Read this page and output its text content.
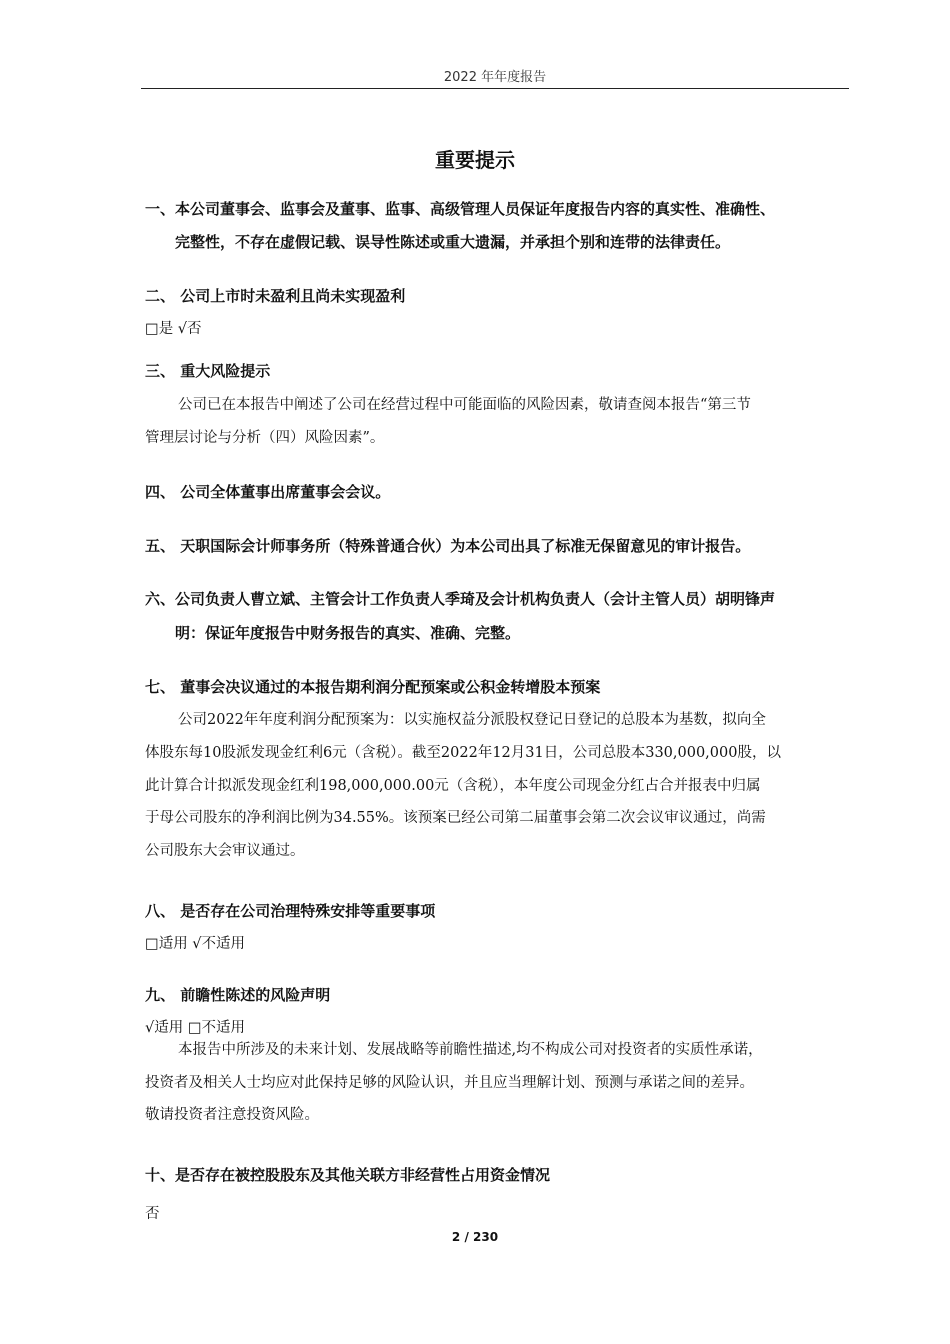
2022 年年度报告
重要提示
一、本公司董事会、监事会及董事、监事、高级管理人员保证年度报告内容的真实性、准确性、
完整性，不存在虚假记载、误导性陈述或重大遗漏，并承担个别和连带的法律责任。
二、 公司上市时未盈利且尚未实现盈利
□是 √否
三、 重大风险提示
公司已在本报告中阐述了公司在经营过程中可能面临的风险因素，敬请查阅本报告“第三节
管理层讨论与分析（四）风险因素”。
四、 公司全体董事出席董事会会议。
五、 天职国际会计师事务所（特殊普通合伙）为本公司出具了标准无保留意见的审计报告。
六、公司负责人曹立斌、主管会计工作负责人季琦及会计机构负责人（会计主管人员）胡明锋声
明：保证年度报告中财务报告的真实、准确、完整。
七、 董事会决议通过的本报告期利润分配预案或公积金转增股本预案
公司2022年年度利润分配预案为：以实施权益分派股权登记日登记的总股本为基数，拟向全
体股东每10股派发现金红利6元（含税）。截至2022年12月31日，公司总股本330,000,000股，以
此计算合计拟派发现金红利198,000,000.00元（含税），本年度公司现金分红占合并报表中归属
于母公司股东的净利润比例为34.55%。该预案已经公司第二届董事会第二次会议审议通过，尚需
公司股东大会审议通过。
八、 是否存在公司治理特殊安排等重要事项
□适用 √不适用
九、 前瞻性陈述的风险声明
√适用 □不适用
本报告中所涉及的未来计划、发展战略等前瞻性描述,均不构成公司对投资者的实质性承诺，
投资者及相关人士均应对此保持足够的风险认识，并且应当理解计划、预测与承诺之间的差异。
敬请投资者注意投资风险。
十、是否存在被控股股东及其他关联方非经营性占用资金情况
否
2 / 230
